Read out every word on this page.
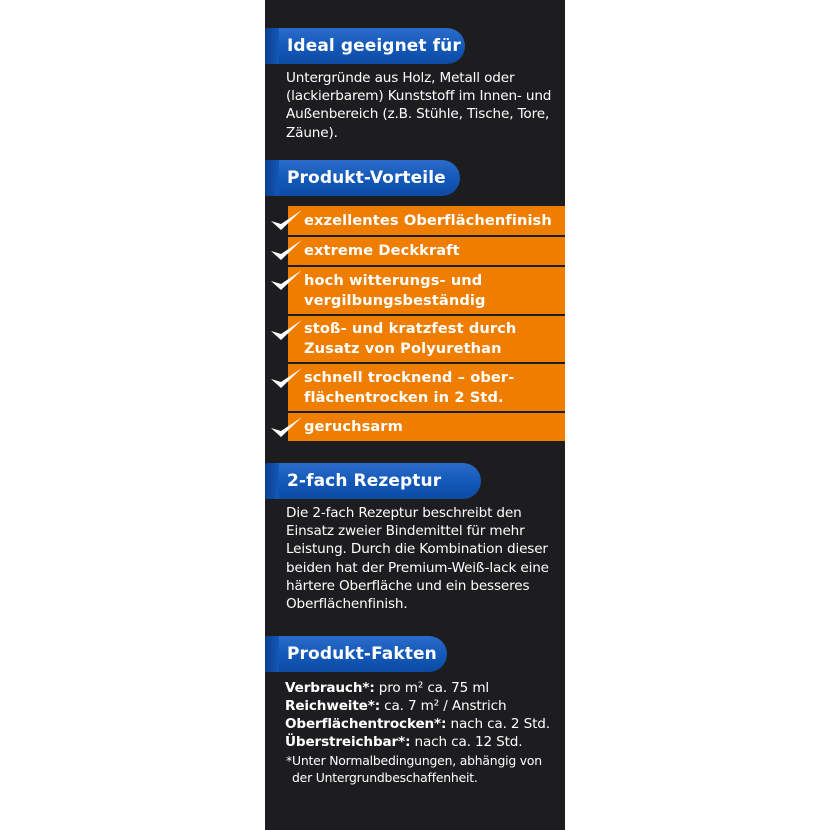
Ideal geeignet für
Untergründe aus Holz, Metall oder (lackierbarem) Kunststoff im Innen- und Außenbereich (z.B. Stühle, Tische, Tore, Zäune).
Produkt-Vorteile
exzellentes Oberflächenfinish
extreme Deckkraft
hoch witterungs- und
vergilbungsbeständig
stoß- und kratzfest durch
Zusatz von Polyurethan
schnell trocknend – ober-
flächentrocken in 2 Std.
geruchsarm
2-fach Rezeptur
Die 2-fach Rezeptur beschreibt den Einsatz zweier Bindemittel für mehr Leistung. Durch die Kombination dieser beiden hat der Premium-Weiß-lack eine härtere Oberfläche und ein besseres Oberflächenfinish.
Produkt-Fakten
Verbrauch*: pro m² ca. 75 ml
Reichweite*: ca. 7 m² / Anstrich
Oberflächentrocken*: nach ca. 2 Std.
Überstreichbar*: nach ca. 12 Std.
*Unter Normalbedingungen, abhängig von
der Untergrundbeschaffenheit.
